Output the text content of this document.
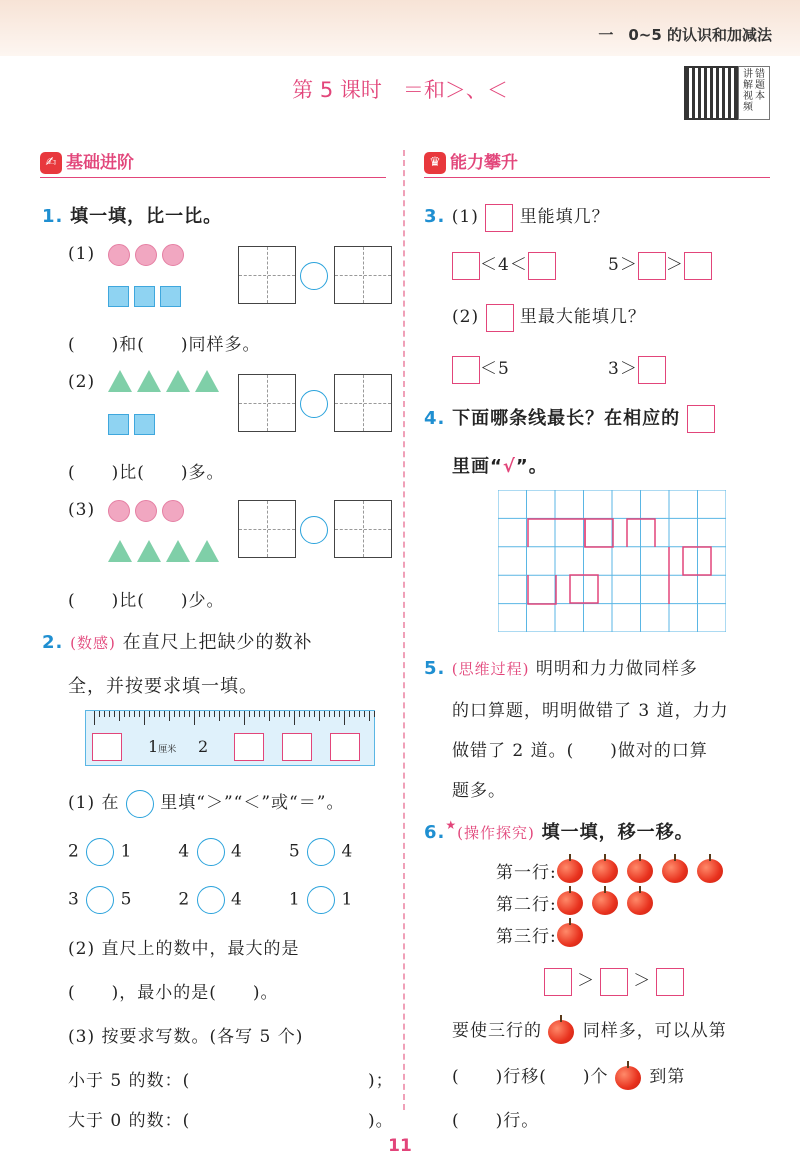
一　0~5 的认识和加减法
第 5 课时　＝和＞、＜
讲
解
视
频
错
题
本
✍ 基础进阶	♛ 能力攀升
1. 填一填，比一比。
(1)

(　　)和(　　)同样多。
(2)

(　　)比(　　)多。
(3)

(　　)比(　　)少。
2. (数感) 在直尺上把缺少的数补
全，并按要求填一填。
1厘米 2
(1) 在 里填“＞”“＜”或“＝”。
2 1	4 4	5 4
3 5	2 4	1 1
(2) 直尺上的数中，最大的是
(　　)，最小的是(　　)。
(3) 按要求写数。(各写 5 个)
小于 5 的数：(	)；
大于 0 的数：(	)。
3. (1) 里能填几？
＜4＜	5＞ ＞
(2) 里最大能填几？
＜5	3＞
4. 下面哪条线最长？在相应的
里画“√”。
5. (思维过程) 明明和力力做同样多
的口算题，明明做错了 3 道，力力
做错了 2 道。(　　)做对的口算
题多。
6.★(操作探究) 填一填，移一移。
第一行:
第二行:
第三行:
＞ ＞
要使三行的 同样多，可以从第
(　　)行移(　　)个 到第
(　　)行。
11
